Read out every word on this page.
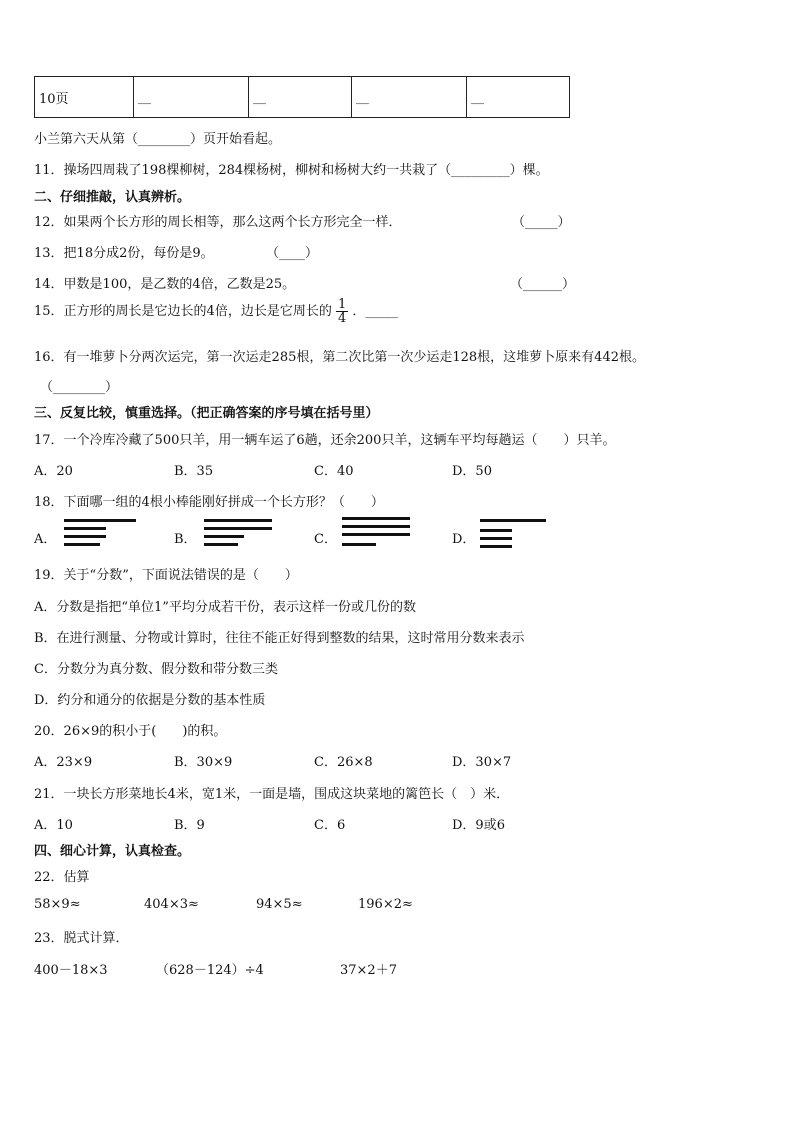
10页	__	__	__	__
小兰第六天从第（________）页开始看起。
11．操场四周栽了198棵柳树，284棵杨树，柳树和杨树大约一共栽了（_________）棵。
二、仔细推敲，认真辨析。
12．如果两个长方形的周长相等，那么这两个长方形完全一样．	（_____）
13．把18分成2份，每份是9。	（____）
14．甲数是100，是乙数的4倍，乙数是25。	（______）
15．正方形的周长是它边长的4倍，边长是它周长的 $\frac{1}{4}$ ．_____
16．有一堆萝卜分两次运完，第一次运走285根，第二次比第一次少运走128根，这堆萝卜原来有442根。
（________）
三、反复比较，慎重选择。（把正确答案的序号填在括号里）
17．一个冷库冷藏了500只羊，用一辆车运了6趟，还余200只羊，这辆车平均每趟运（　　）只羊。
A．20	B．35	C．40	D．50
18．下面哪一组的4根小棒能刚好拼成一个长方形？（　　）
A．	B．	C．	D．
19．关于“分数”，下面说法错误的是（　　）
A．分数是指把“单位1”平均分成若干份，表示这样一份或几份的数
B．在进行测量、分物或计算时，往往不能正好得到整数的结果，这时常用分数来表示
C．分数分为真分数、假分数和带分数三类
D．约分和通分的依据是分数的基本性质
20．26×9的积小于(　　)的积。
A．23×9	B．30×9	C．26×8	D．30×7
21．一块长方形菜地长4米，宽1米，一面是墙，围成这块菜地的篱笆长（　）米．
A．10	B．9	C．6	D．9或6
四、细心计算，认真检查。
22．估算
58×9≈	404×3≈	94×5≈	196×2≈
23．脱式计算．
400－18×3	（628－124）÷4	37×2＋7
